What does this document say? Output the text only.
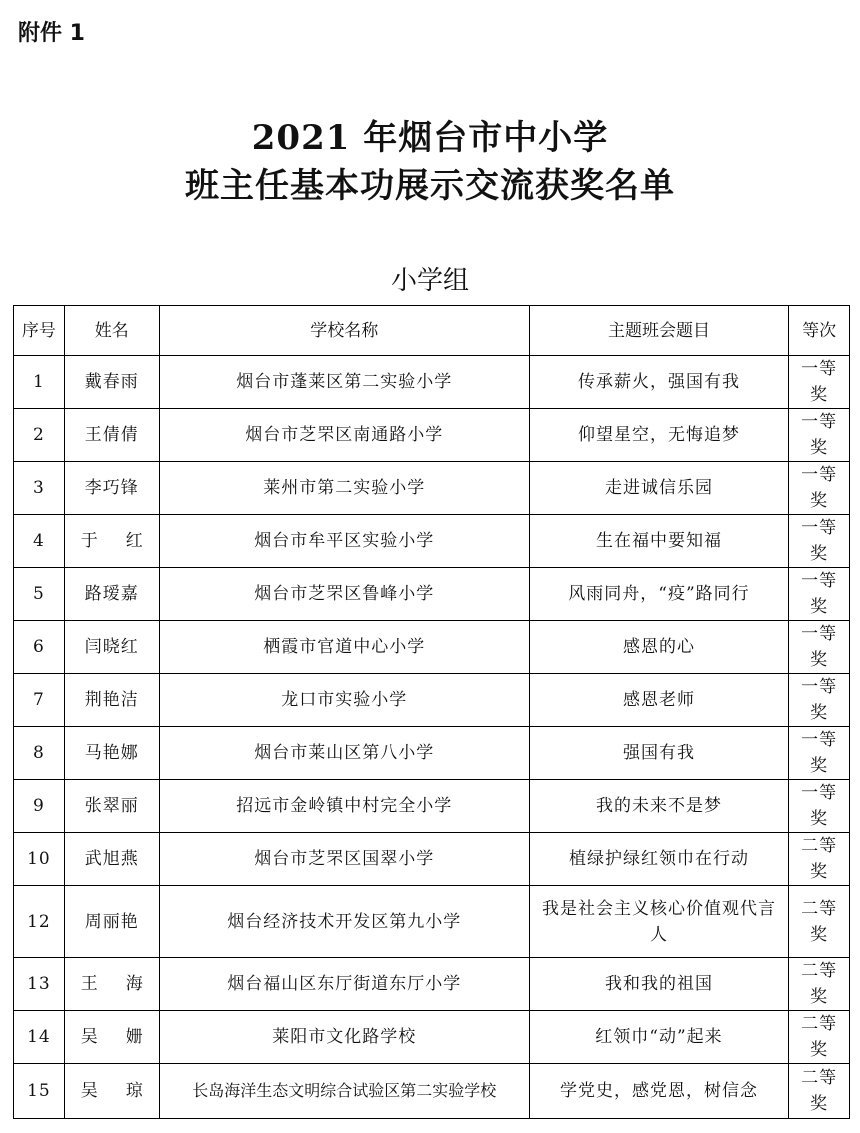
附件 1
2021 年烟台市中小学
班主任基本功展示交流获奖名单
小学组
序号	姓名	学校名称	主题班会题目	等次
1	戴春雨	烟台市蓬莱区第二实验小学	传承薪火，强国有我	一等奖
2	王倩倩	烟台市芝罘区南通路小学	仰望星空，无悔追梦	一等奖
3	李巧锋	莱州市第二实验小学	走进诚信乐园	一等奖
4	于红	烟台市牟平区实验小学	生在福中要知福	一等奖
5	路瑷嘉	烟台市芝罘区鲁峰小学	风雨同舟，“疫”路同行	一等奖
6	闫晓红	栖霞市官道中心小学	感恩的心	一等奖
7	荆艳洁	龙口市实验小学	感恩老师	一等奖
8	马艳娜	烟台市莱山区第八小学	强国有我	一等奖
9	张翠丽	招远市金岭镇中村完全小学	我的未来不是梦	一等奖
10	武旭燕	烟台市芝罘区国翠小学	植绿护绿红领巾在行动	二等奖
12	周丽艳	烟台经济技术开发区第九小学	我是社会主义核心价值观代言人	二等奖
13	王海	烟台福山区东厅街道东厅小学	我和我的祖国	二等奖
14	吴姗	莱阳市文化路学校	红领巾“动”起来	二等奖
15	吴琼	长岛海洋生态文明综合试验区第二实验学校	学党史，感党恩，树信念	二等奖
